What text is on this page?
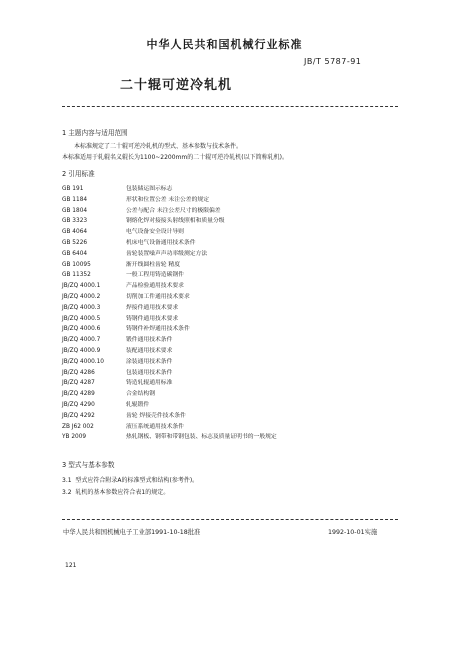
中华人民共和国机械行业标准
JB/T 5787-91
二十辊可逆冷轧机
1 主题内容与适用范围
本标准规定了二十辊可逆冷轧机的型式、基本参数与技术条件。
本标准适用于轧辊名义辊长为1100~2200mm的二十辊可逆冷轧机(以下简称轧机)。
2 引用标准
GB 191	包装储运图示标志
GB 1184	形状和位置公差 未注公差的规定
GB 1804	公差与配合 未注公差尺寸的极限偏差
GB 3323	钢熔化焊对接接头射线照相和质量分级
GB 4064	电气设备安全设计导则
GB 5226	机床电气设备通用技术条件
GB 6404	齿轮装置噪声声功率级测定方法
GB 10095	渐开线圆柱齿轮 精度
GB 11352	一般工程用铸造碳钢件
JB/ZQ 4000.1	产品检验通用技术要求
JB/ZQ 4000.2	切削加工件通用技术要求
JB/ZQ 4000.3	焊接件通用技术要求
JB/ZQ 4000.5	铸钢件通用技术要求
JB/ZQ 4000.6	铸钢件补焊通用技术条件
JB/ZQ 4000.7	锻件通用技术条件
JB/ZQ 4000.9	装配通用技术要求
JB/ZQ 4000.10	涂装通用技术条件
JB/ZQ 4286	包装通用技术条件
JB/ZQ 4287	铸造轧辊通用标准
JB/ZQ 4289	合金结构钢
JB/ZQ 4290	轧辊锻件
JB/ZQ 4292	齿轮 焊接壳件技术条件
ZB J62 002	液压系统通用技术条件
YB 2009	热轧钢板、钢带和带钢包装、标志及质量证明书的一般规定
3 型式与基本参数
3.1 型式应符合附录A的标准型式和结构(参考件)。
3.2 轧机的基本参数应符合表1的规定。
中华人民共和国机械电子工业部1991-10-18批准	1992-10-01实施
121
